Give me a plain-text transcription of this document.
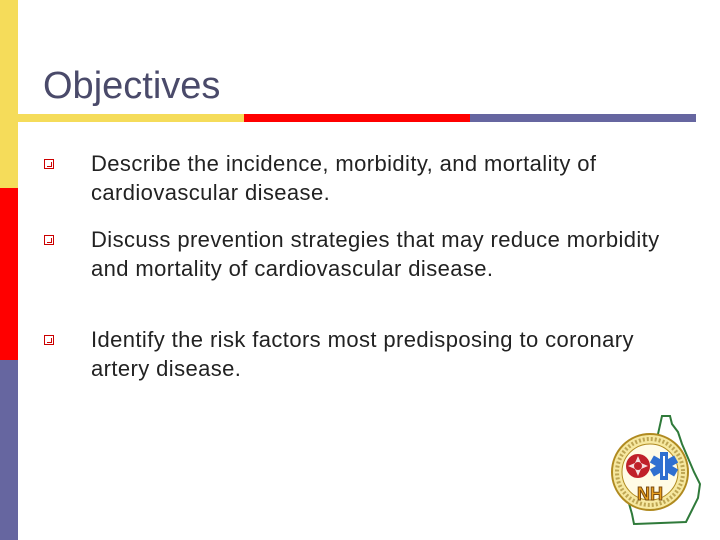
Objectives
Describe the incidence, morbidity, and mortality of cardiovascular disease.
Discuss prevention strategies that may reduce morbidity and mortality of cardiovascular disease.
Identify the risk factors most predisposing to coronary artery disease.
NH
